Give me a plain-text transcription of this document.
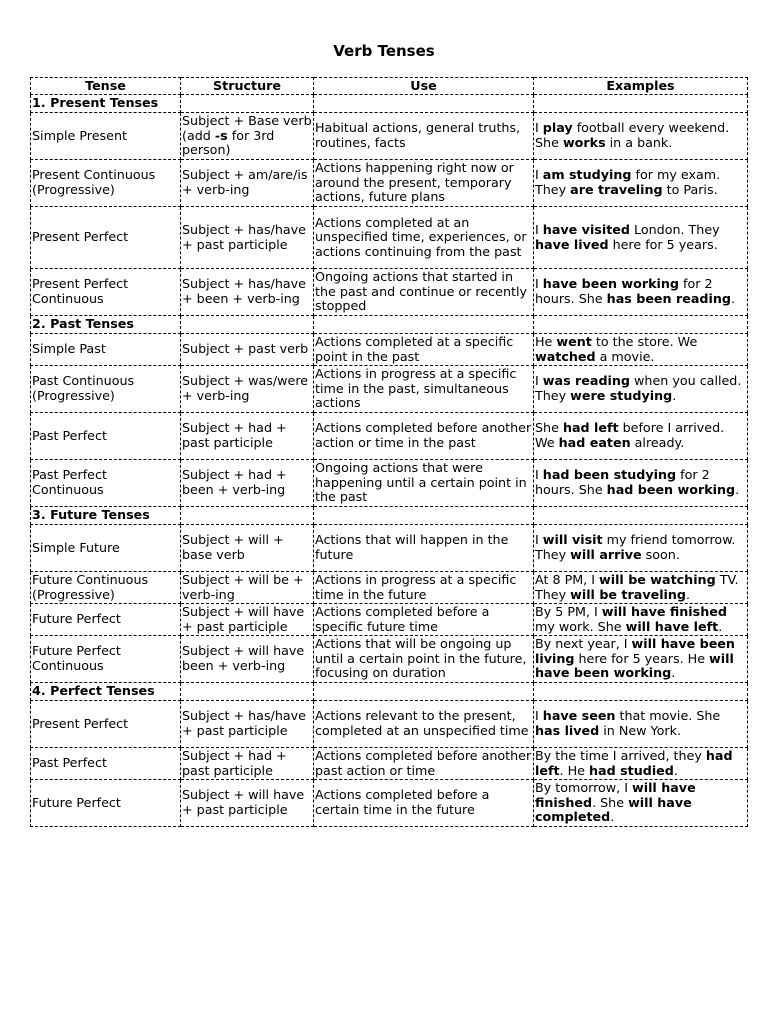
Verb Tenses
Tense	Structure	Use	Examples
1. Present Tenses			
Simple Present	Subject + Base verb (add -s for 3rd person)	Habitual actions, general truths, routines, facts	I play football every weekend. She works in a bank.
Present Continuous (Progressive)	Subject + am/are/is + verb-ing	Actions happening right now or around the present, temporary actions, future plans	I am studying for my exam. They are traveling to Paris.
Present Perfect	Subject + has/have + past participle	Actions completed at an unspecified time, experiences, or actions continuing from the past	I have visited London. They have lived here for 5 years.
Present Perfect Continuous	Subject + has/have + been + verb-ing	Ongoing actions that started in the past and continue or recently stopped	I have been working for 2 hours. She has been reading.
2. Past Tenses			
Simple Past	Subject + past verb	Actions completed at a specific point in the past	He went to the store. We watched a movie.
Past Continuous (Progressive)	Subject + was/were + verb-ing	Actions in progress at a specific time in the past, simultaneous actions	I was reading when you called. They were studying.
Past Perfect	Subject + had + past participle	Actions completed before another action or time in the past	She had left before I arrived. We had eaten already.
Past Perfect Continuous	Subject + had + been + verb-ing	Ongoing actions that were happening until a certain point in the past	I had been studying for 2 hours. She had been working.
3. Future Tenses			
Simple Future	Subject + will + base verb	Actions that will happen in the future	I will visit my friend tomorrow. They will arrive soon.
Future Continuous (Progressive)	Subject + will be + verb-ing	Actions in progress at a specific time in the future	At 8 PM, I will be watching TV. They will be traveling.
Future Perfect	Subject + will have + past participle	Actions completed before a specific future time	By 5 PM, I will have finished my work. She will have left.
Future Perfect Continuous	Subject + will have been + verb-ing	Actions that will be ongoing up until a certain point in the future, focusing on duration	By next year, I will have been living here for 5 years. He will have been working.
4. Perfect Tenses			
Present Perfect	Subject + has/have + past participle	Actions relevant to the present, completed at an unspecified time	I have seen that movie. She has lived in New York.
Past Perfect	Subject + had + past participle	Actions completed before another past action or time	By the time I arrived, they had left. He had studied.
Future Perfect	Subject + will have + past participle	Actions completed before a certain time in the future	By tomorrow, I will have finished. She will have completed.
